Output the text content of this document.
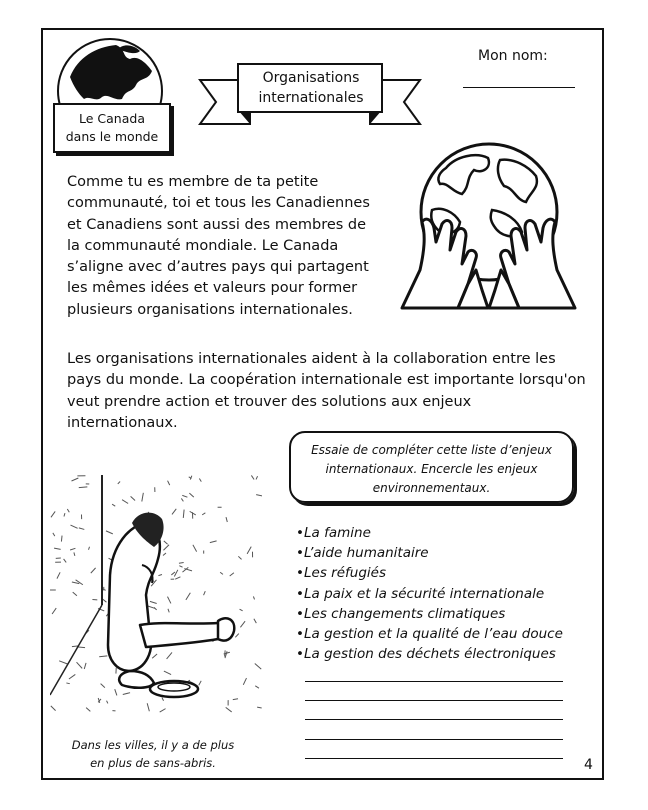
Le Canada
dans le monde
Organisations
internationales
Mon nom:
Comme tu es membre de ta petite
communauté, toi et tous les Canadiennes
et Canadiens sont aussi des membres de
la communauté mondiale. Le Canada
s’aligne avec d’autres pays qui partagent
les mêmes idées et valeurs pour former
plusieurs organisations internationales.
Les organisations internationales aident à la collaboration entre les
pays du monde. La coopération internationale est importante lorsqu'on
veut prendre action et trouver des solutions aux enjeux
internationaux.
Essaie de compléter cette liste d’enjeux
internationaux. Encercle les enjeux
environnementaux.
•La famine
•L’aide humanitaire
•Les réfugiés
•La paix et la sécurité internationale
•Les changements climatiques
•La gestion et la qualité de l’eau douce
•La gestion des déchets électroniques
Dans les villes, il y a de plus
en plus de sans-abris.	4
